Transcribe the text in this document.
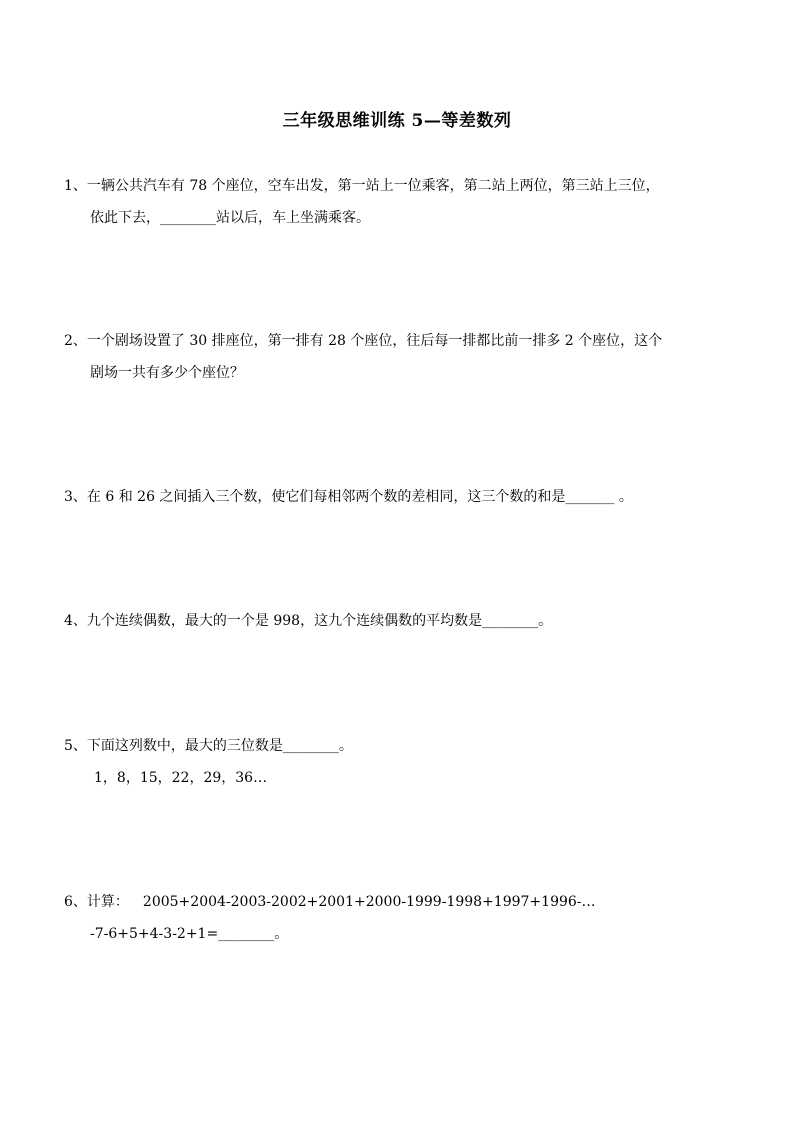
三年级思维训练 5—等差数列
1、一辆公共汽车有 78 个座位，空车出发，第一站上一位乘客，第二站上两位，第三站上三位，
依此下去，________站以后，车上坐满乘客。
2、一个剧场设置了 30 排座位，第一排有 28 个座位，往后每一排都比前一排多 2 个座位，这个
剧场一共有多少个座位？
3、在 6 和 26 之间插入三个数，使它们每相邻两个数的差相同，这三个数的和是_______ 。
4、九个连续偶数，最大的一个是 998，这九个连续偶数的平均数是________。
5、下面这列数中，最大的三位数是________。
1，8，15，22，29，36…
6、计算： 2005+2004-2003-2002+2001+2000-1999-1998+1997+1996-…
-7-6+5+4-3-2+1=________。
